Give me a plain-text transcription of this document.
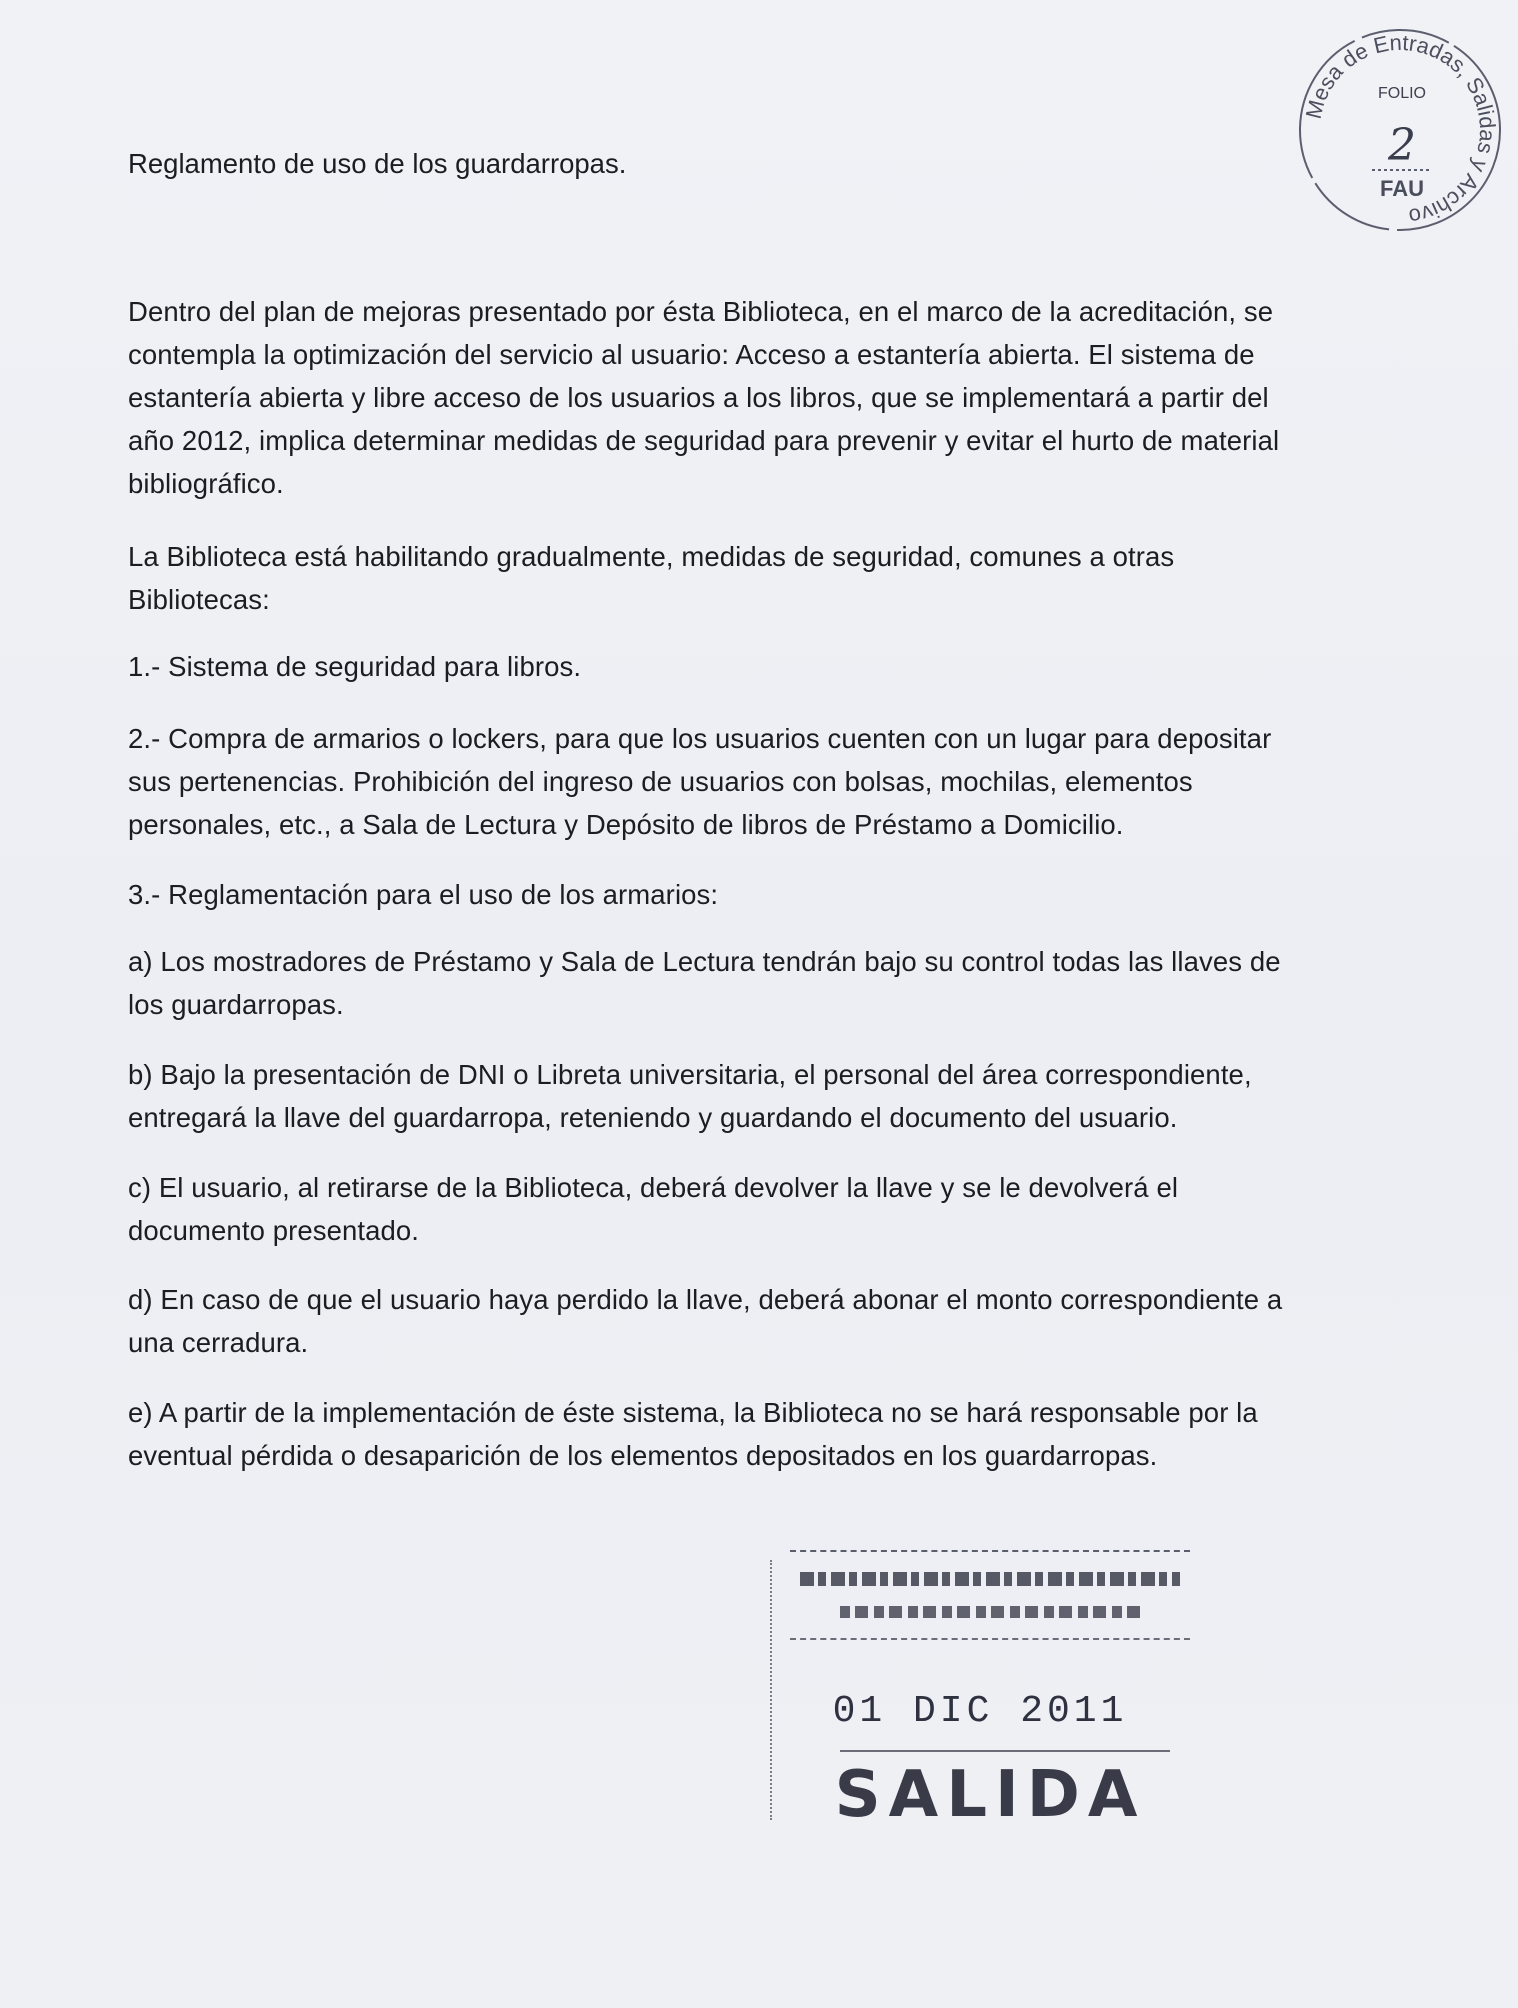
Reglamento de uso de los guardarropas.
Dentro del plan de mejoras presentado por ésta Biblioteca, en el marco de la acreditación, se contempla la optimización del servicio al usuario: Acceso a estantería abierta. El sistema de estantería abierta y libre acceso de los usuarios a los libros, que se implementará a partir del año 2012, implica determinar medidas de seguridad para prevenir y evitar el hurto de material bibliográfico.
La Biblioteca está habilitando gradualmente, medidas de seguridad, comunes a otras Bibliotecas:
1.- Sistema de seguridad para libros.
2.- Compra de armarios o lockers, para que los usuarios cuenten con un lugar para depositar sus pertenencias. Prohibición del ingreso de usuarios con bolsas, mochilas, elementos personales, etc., a Sala de Lectura y Depósito de libros de Préstamo a Domicilio.
3.- Reglamentación para el uso de los armarios:
a) Los mostradores de Préstamo y Sala de Lectura tendrán bajo su control todas las llaves de los guardarropas.
b) Bajo la presentación de DNI o Libreta universitaria, el personal del área correspondiente, entregará la llave del guardarropa, reteniendo y guardando el documento del usuario.
c) El usuario, al retirarse de la Biblioteca, deberá devolver la llave y se le devolverá el documento presentado.
d) En caso de que el usuario haya perdido la llave, deberá abonar el monto correspondiente a una cerradura.
e) A partir de la implementación de éste sistema, la Biblioteca no se hará responsable por la eventual pérdida o desaparición de los elementos depositados en los guardarropas.
Mesa de Entradas, Salidas y Archivo
FOLIO
2
FAU
01 DIC 2011
SALIDA
